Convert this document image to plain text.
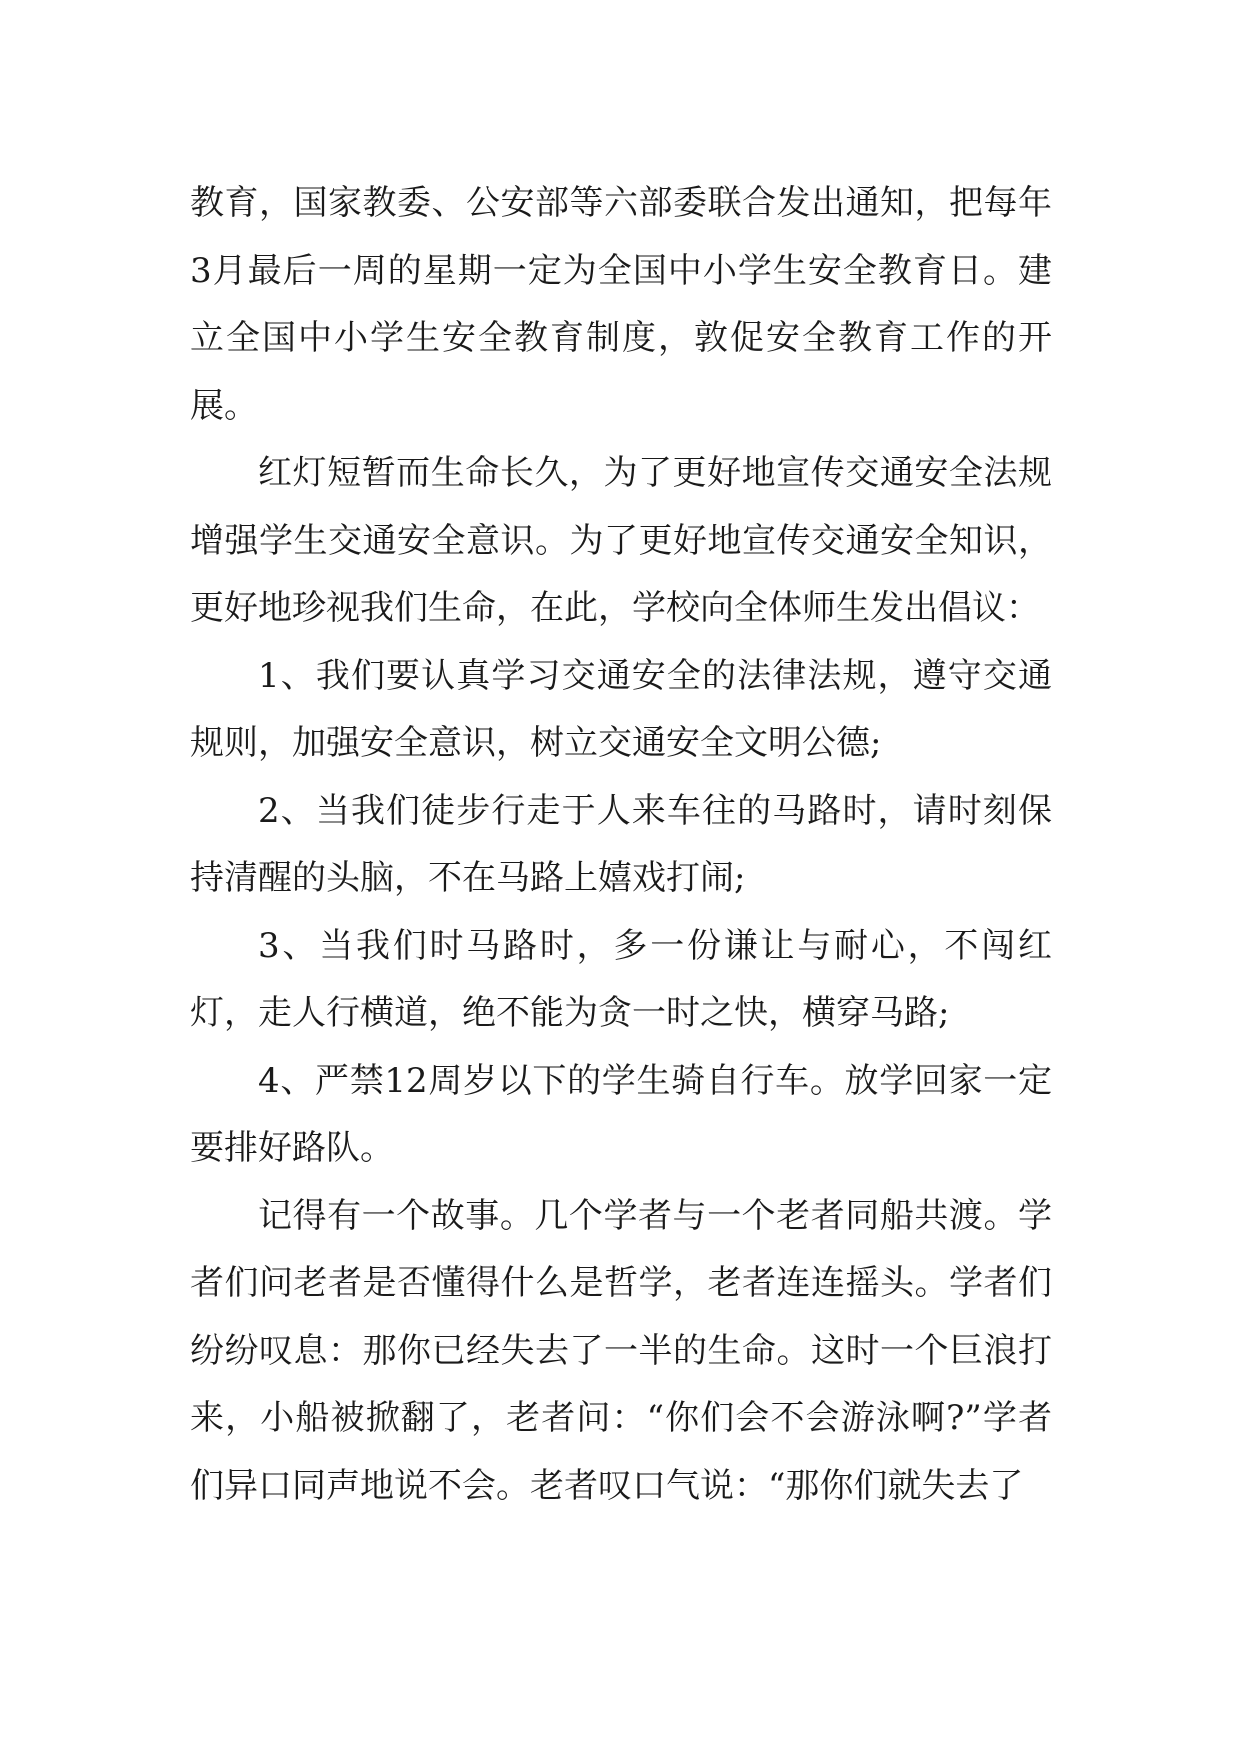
教育，国家教委、公安部等六部委联合发出通知，把每年3月最后一周的星期一定为全国中小学生安全教育日。建立全国中小学生安全教育制度，敦促安全教育工作的开展。

红灯短暂而生命长久，为了更好地宣传交通安全法规增强学生交通安全意识。为了更好地宣传交通安全知识，更好地珍视我们生命，在此，学校向全体师生发出倡议：

1、我们要认真学习交通安全的法律法规，遵守交通规则，加强安全意识，树立交通安全文明公德;

2、当我们徒步行走于人来车往的马路时，请时刻保持清醒的头脑，不在马路上嬉戏打闹;

3、当我们时马路时，多一份谦让与耐心，不闯红灯，走人行横道，绝不能为贪一时之快，横穿马路;

4、严禁12周岁以下的学生骑自行车。放学回家一定要排好路队。

记得有一个故事。几个学者与一个老者同船共渡。学者们问老者是否懂得什么是哲学，老者连连摇头。学者们纷纷叹息：那你已经失去了一半的生命。这时一个巨浪打来，小船被掀翻了，老者问：“你们会不会游泳啊?”学者们异口同声地说不会。老者叹口气说：“那你们就失去了
